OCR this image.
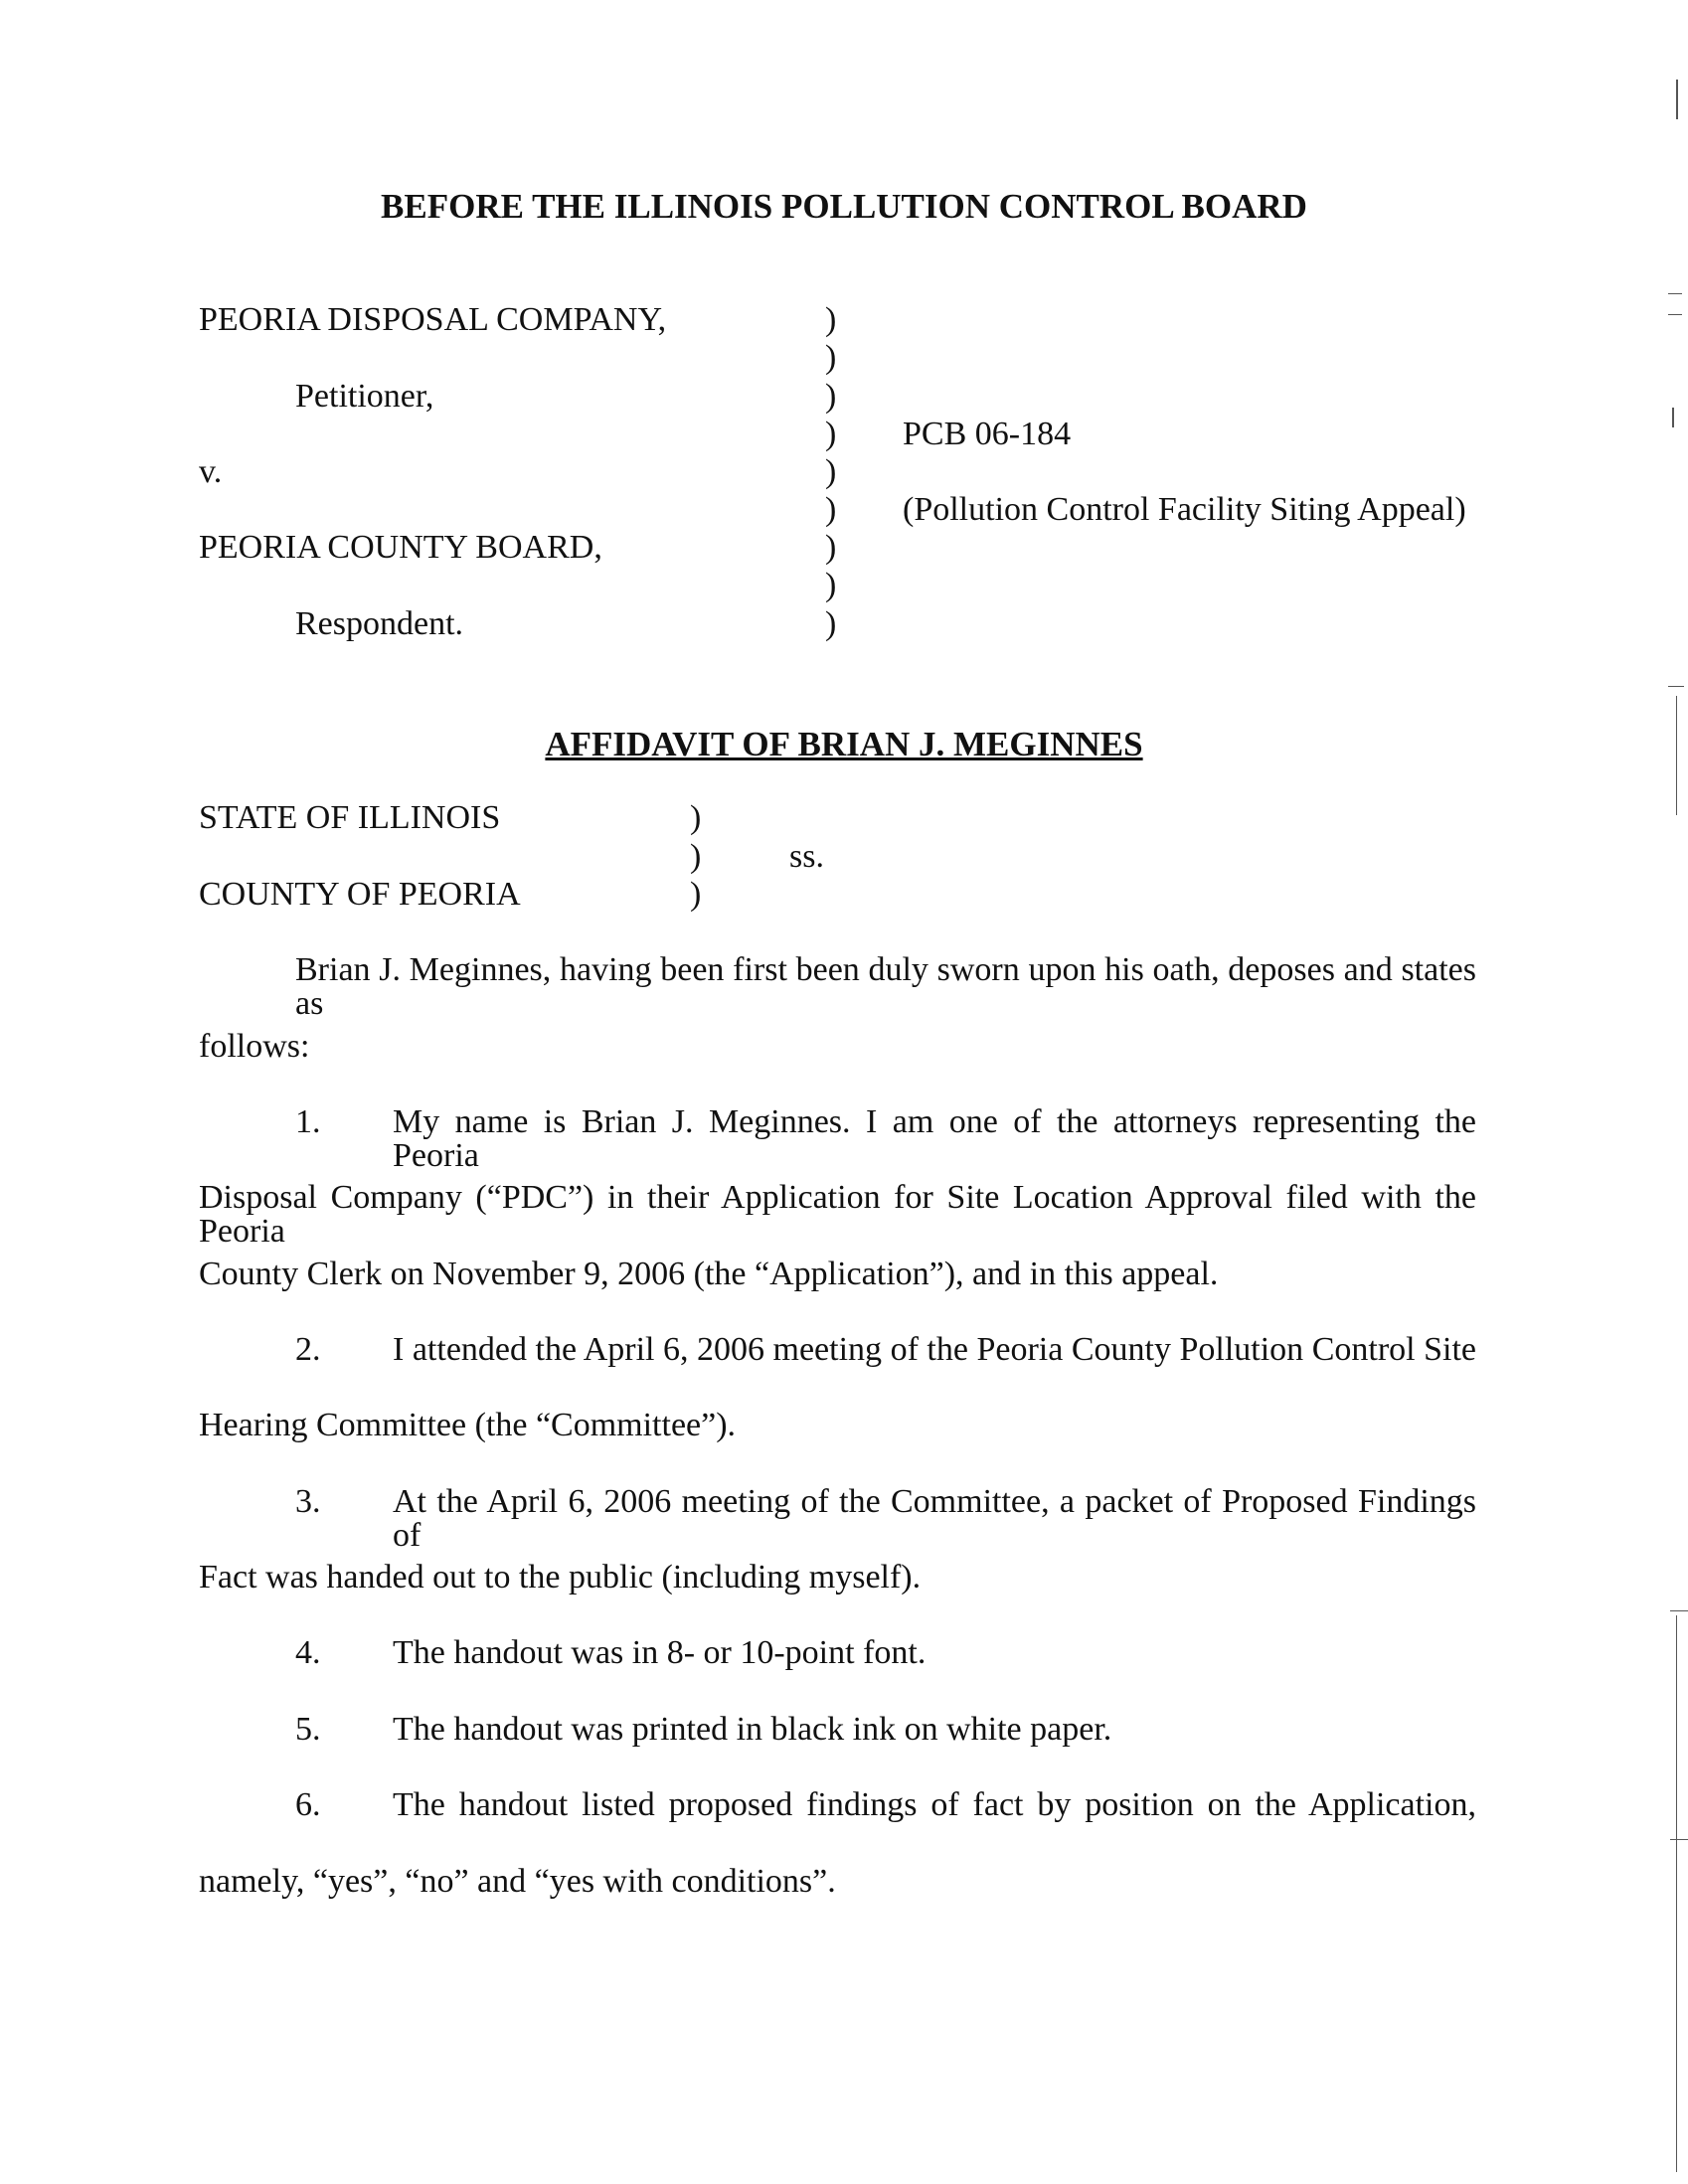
BEFORE THE ILLINOIS POLLUTION CONTROL BOARD
PEORIA DISPOSAL COMPANY,
Petitioner,
v.
PEORIA COUNTY BOARD,
Respondent.
)
)
)
)
)
)
)
)
)
PCB 06-184
(Pollution Control Facility Siting Appeal)
AFFIDAVIT OF BRIAN J. MEGINNES
STATE OF ILLINOIS
COUNTY OF PEORIA
)
)
)
ss.
Brian J. Meginnes, having been first been duly sworn upon his oath, deposes and states as
follows:
1. My name is Brian J. Meginnes. I am one of the attorneys representing the Peoria
Disposal Company (“PDC”) in their Application for Site Location Approval filed with the Peoria
County Clerk on November 9, 2006 (the “Application”), and in this appeal.
2. I attended the April 6, 2006 meeting of the Peoria County Pollution Control Site
Hearing Committee (the “Committee”).
3. At the April 6, 2006 meeting of the Committee, a packet of Proposed Findings of
Fact was handed out to the public (including myself).
4. The handout was in 8- or 10-point font.
5. The handout was printed in black ink on white paper.
6. The handout listed proposed findings of fact by position on the Application,
namely, “yes”, “no” and “yes with conditions”.
